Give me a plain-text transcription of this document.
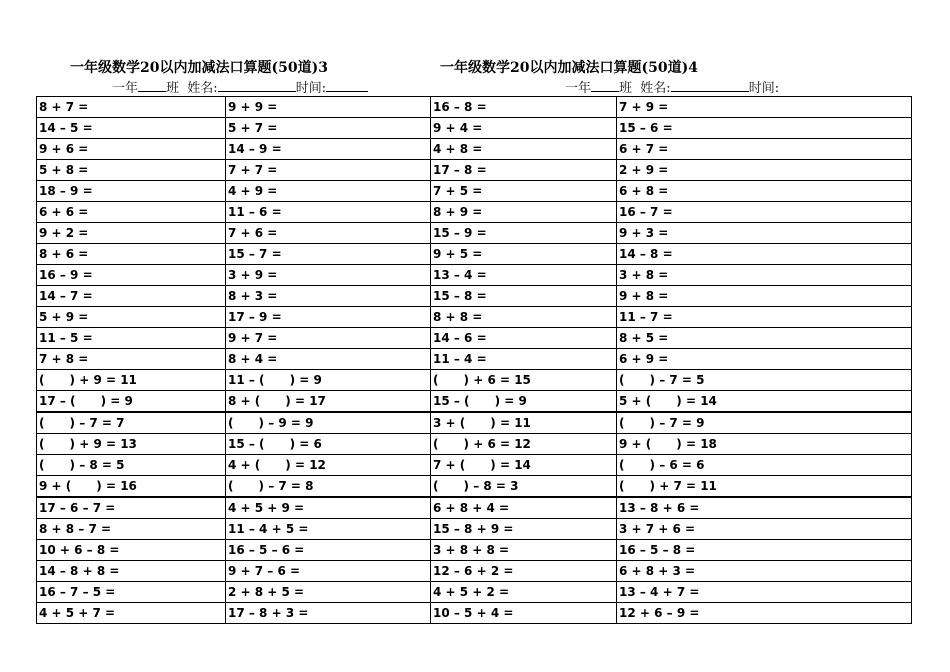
一年级数学20以内加减法口算题(50道)3	一年级数学20以内加减法口算题(50道)4
一年 班 姓名:	时间:	一年 班 姓名:	时间:
8 + 7 =	9 + 9 =	16 – 8 =	7 + 9 =
14 – 5 =	5 + 7 =	9 + 4 =	15 – 6 =
9 + 6 =	14 – 9 =	4 + 8 =	6 + 7 =
5 + 8 =	7 + 7 =	17 – 8 =	2 + 9 =
18 – 9 =	4 + 9 =	7 + 5 =	6 + 8 =
6 + 6 =	11 – 6 =	8 + 9 =	16 – 7 =
9 + 2 =	7 + 6 =	15 – 9 =	9 + 3 =
8 + 6 =	15 – 7 =	9 + 5 =	14 – 8 =
16 – 9 =	3 + 9 =	13 – 4 =	3 + 8 =
14 – 7 =	8 + 3 =	15 – 8 =	9 + 8 =
5 + 9 =	17 – 9 =	8 + 8 =	11 – 7 =
11 – 5 =	9 + 7 =	14 – 6 =	8 + 5 =
7 + 8 =	8 + 4 =	11 – 4 =	6 + 9 =
(      ) + 9 = 11	11 – (      ) = 9	(      ) + 6 = 15	(      ) – 7 = 5
17 – (      ) = 9	8 + (      ) = 17	15 – (      ) = 9	5 + (      ) = 14
(      ) – 7 = 7	(      ) – 9 = 9	3 + (      ) = 11	(      ) – 7 = 9
(      ) + 9 = 13	15 – (      ) = 6	(      ) + 6 = 12	9 + (      ) = 18
(      ) – 8 = 5	4 + (      ) = 12	7 + (      ) = 14	(      ) – 6 = 6
9 + (      ) = 16	(      ) – 7 = 8	(      ) – 8 = 3	(      ) + 7 = 11
17 – 6 – 7 =	4 + 5 + 9 =	6 + 8 + 4 =	13 – 8 + 6 =
8 + 8 – 7 =	11 – 4 + 5 =	15 – 8 + 9 =	3 + 7 + 6 =
10 + 6 – 8 =	16 – 5 – 6 =	3 + 8 + 8 =	16 – 5 – 8 =
14 – 8 + 8 =	9 + 7 – 6 =	12 – 6 + 2 =	6 + 8 + 3 =
16 – 7 – 5 =	2 + 8 + 5 =	4 + 5 + 2 =	13 – 4 + 7 =
4 + 5 + 7 =	17 – 8 + 3 =	10 – 5 + 4 =	12 + 6 – 9 =
